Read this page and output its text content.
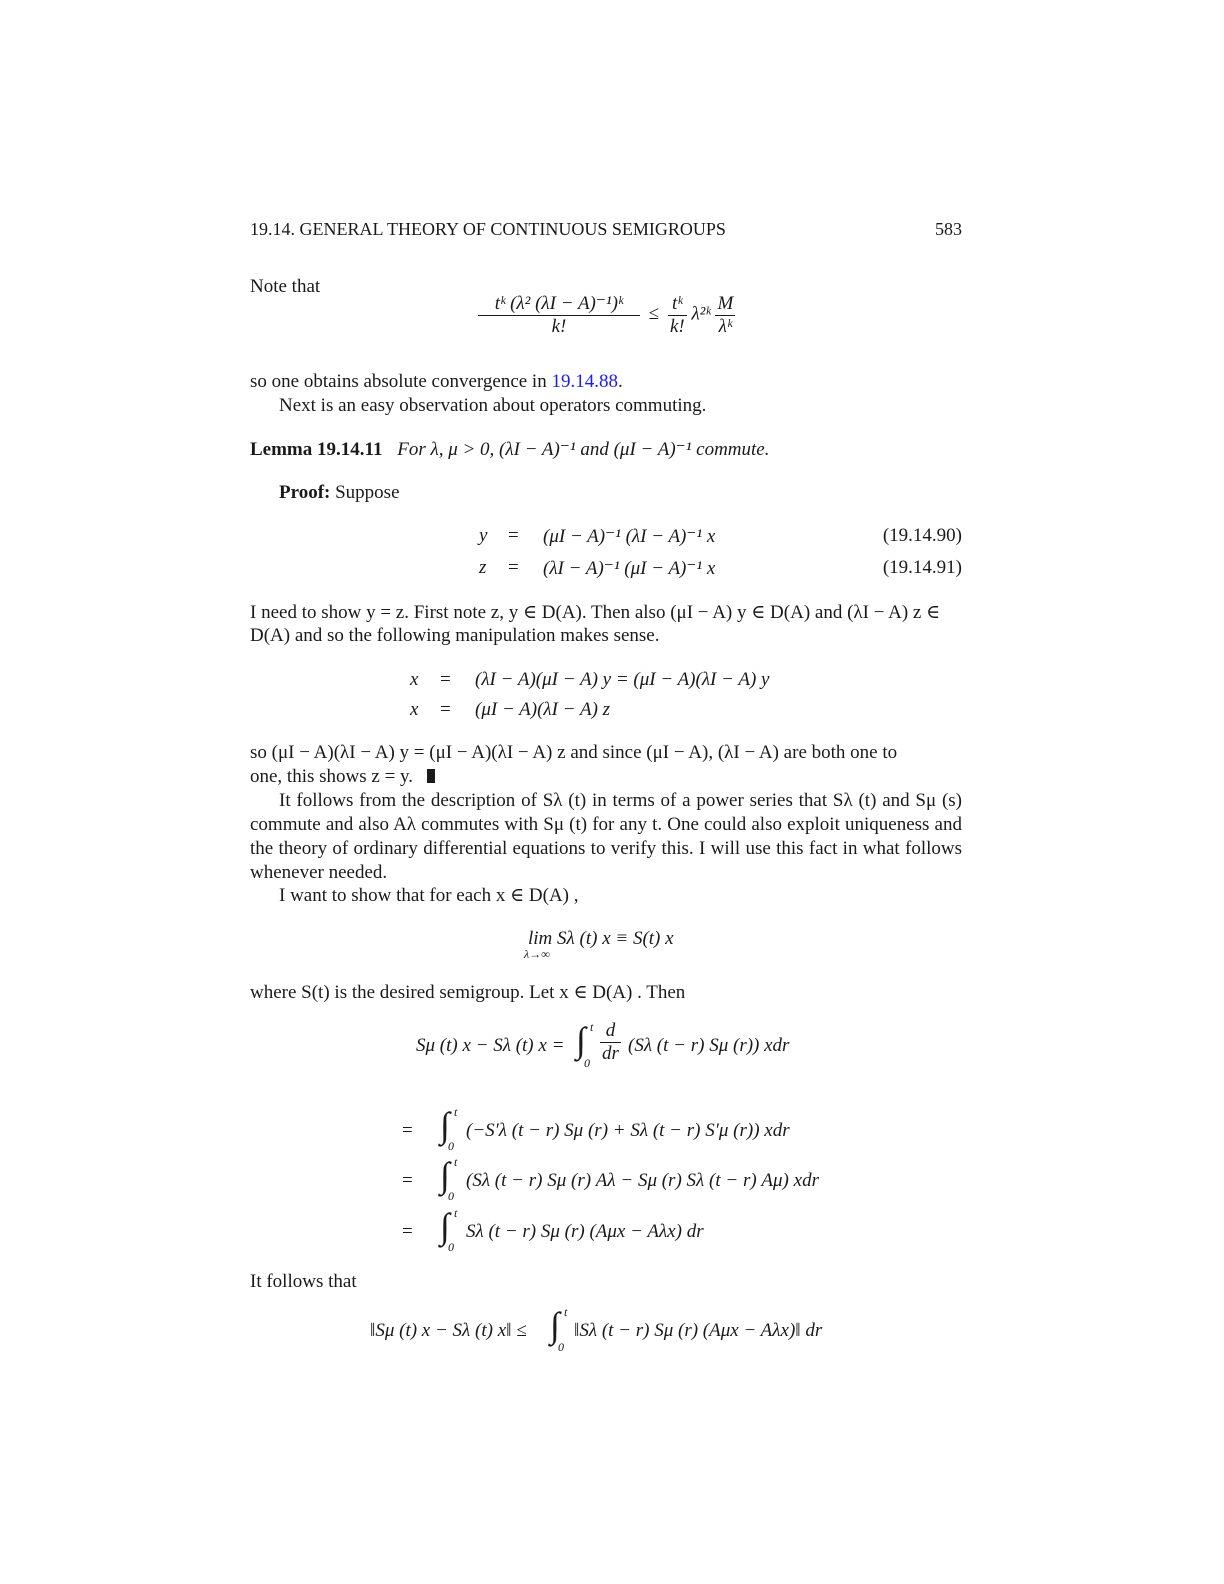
19.14. GENERAL THEORY OF CONTINUOUS SEMIGROUPS	583
Note that
$\frac{\text{tᵏ (λ² (λI − A)⁻¹)ᵏ}}{k!} \le \frac{\text{tᵏ}}{k!}$ λ²ᵏ $\frac{M}{\text{λᵏ}}$
so one obtains absolute convergence in 19.14.88.
Next is an easy observation about operators commuting.
Lemma 19.14.11 For λ, μ > 0, (λI − A)⁻¹ and (μI − A)⁻¹ commute.
Proof: Suppose
y = (μI − A)⁻¹ (λI − A)⁻¹ x	(19.14.90)
z = (λI − A)⁻¹ (μI − A)⁻¹ x	(19.14.91)
I need to show y = z. First note z, y ∈ D(A). Then also (μI − A) y ∈ D(A) and (λI − A) z ∈
D(A) and so the following manipulation makes sense.
x = (λI − A)(μI − A) y = (μI − A)(λI − A) y
x = (μI − A)(λI − A) z
so (μI − A)(λI − A) y = (μI − A)(λI − A) z and since (μI − A), (λI − A) are both one to
one, this shows z = y.
It follows from the description of Sλ (t) in terms of a power series that Sλ (t) and Sμ (s) commute and also Aλ commutes with Sμ (t) for any t. One could also exploit uniqueness and the theory of ordinary differential equations to verify this. I will use this fact in what follows whenever needed.
I want to show that for each x ∈ D(A) ,
lim Sλ (t) x ≡ S(t) x
λ→∞
where S(t) is the desired semigroup. Let x ∈ D(A) . Then
Sμ (t) x − Sλ (t) x = ∫ t
$0 \frac{d}{dr} (S\lambda$ (t − r) Sμ (r)) xdr
= ∫ t
0
(−S′λ (t − r) Sμ (r) + Sλ (t − r) S′μ (r)) xdr
= ∫ t
0
(Sλ (t − r) Sμ (r) Aλ − Sμ (r) Sλ (t − r) Aμ) xdr
= ∫ t
0
Sλ (t − r) Sμ (r) (Aμx − Aλx) dr
It follows that
‖Sμ (t) x − Sλ (t) x‖ ≤ ∫ t
0
‖Sλ (t − r) Sμ (r) (Aμx − Aλx)‖ dr
